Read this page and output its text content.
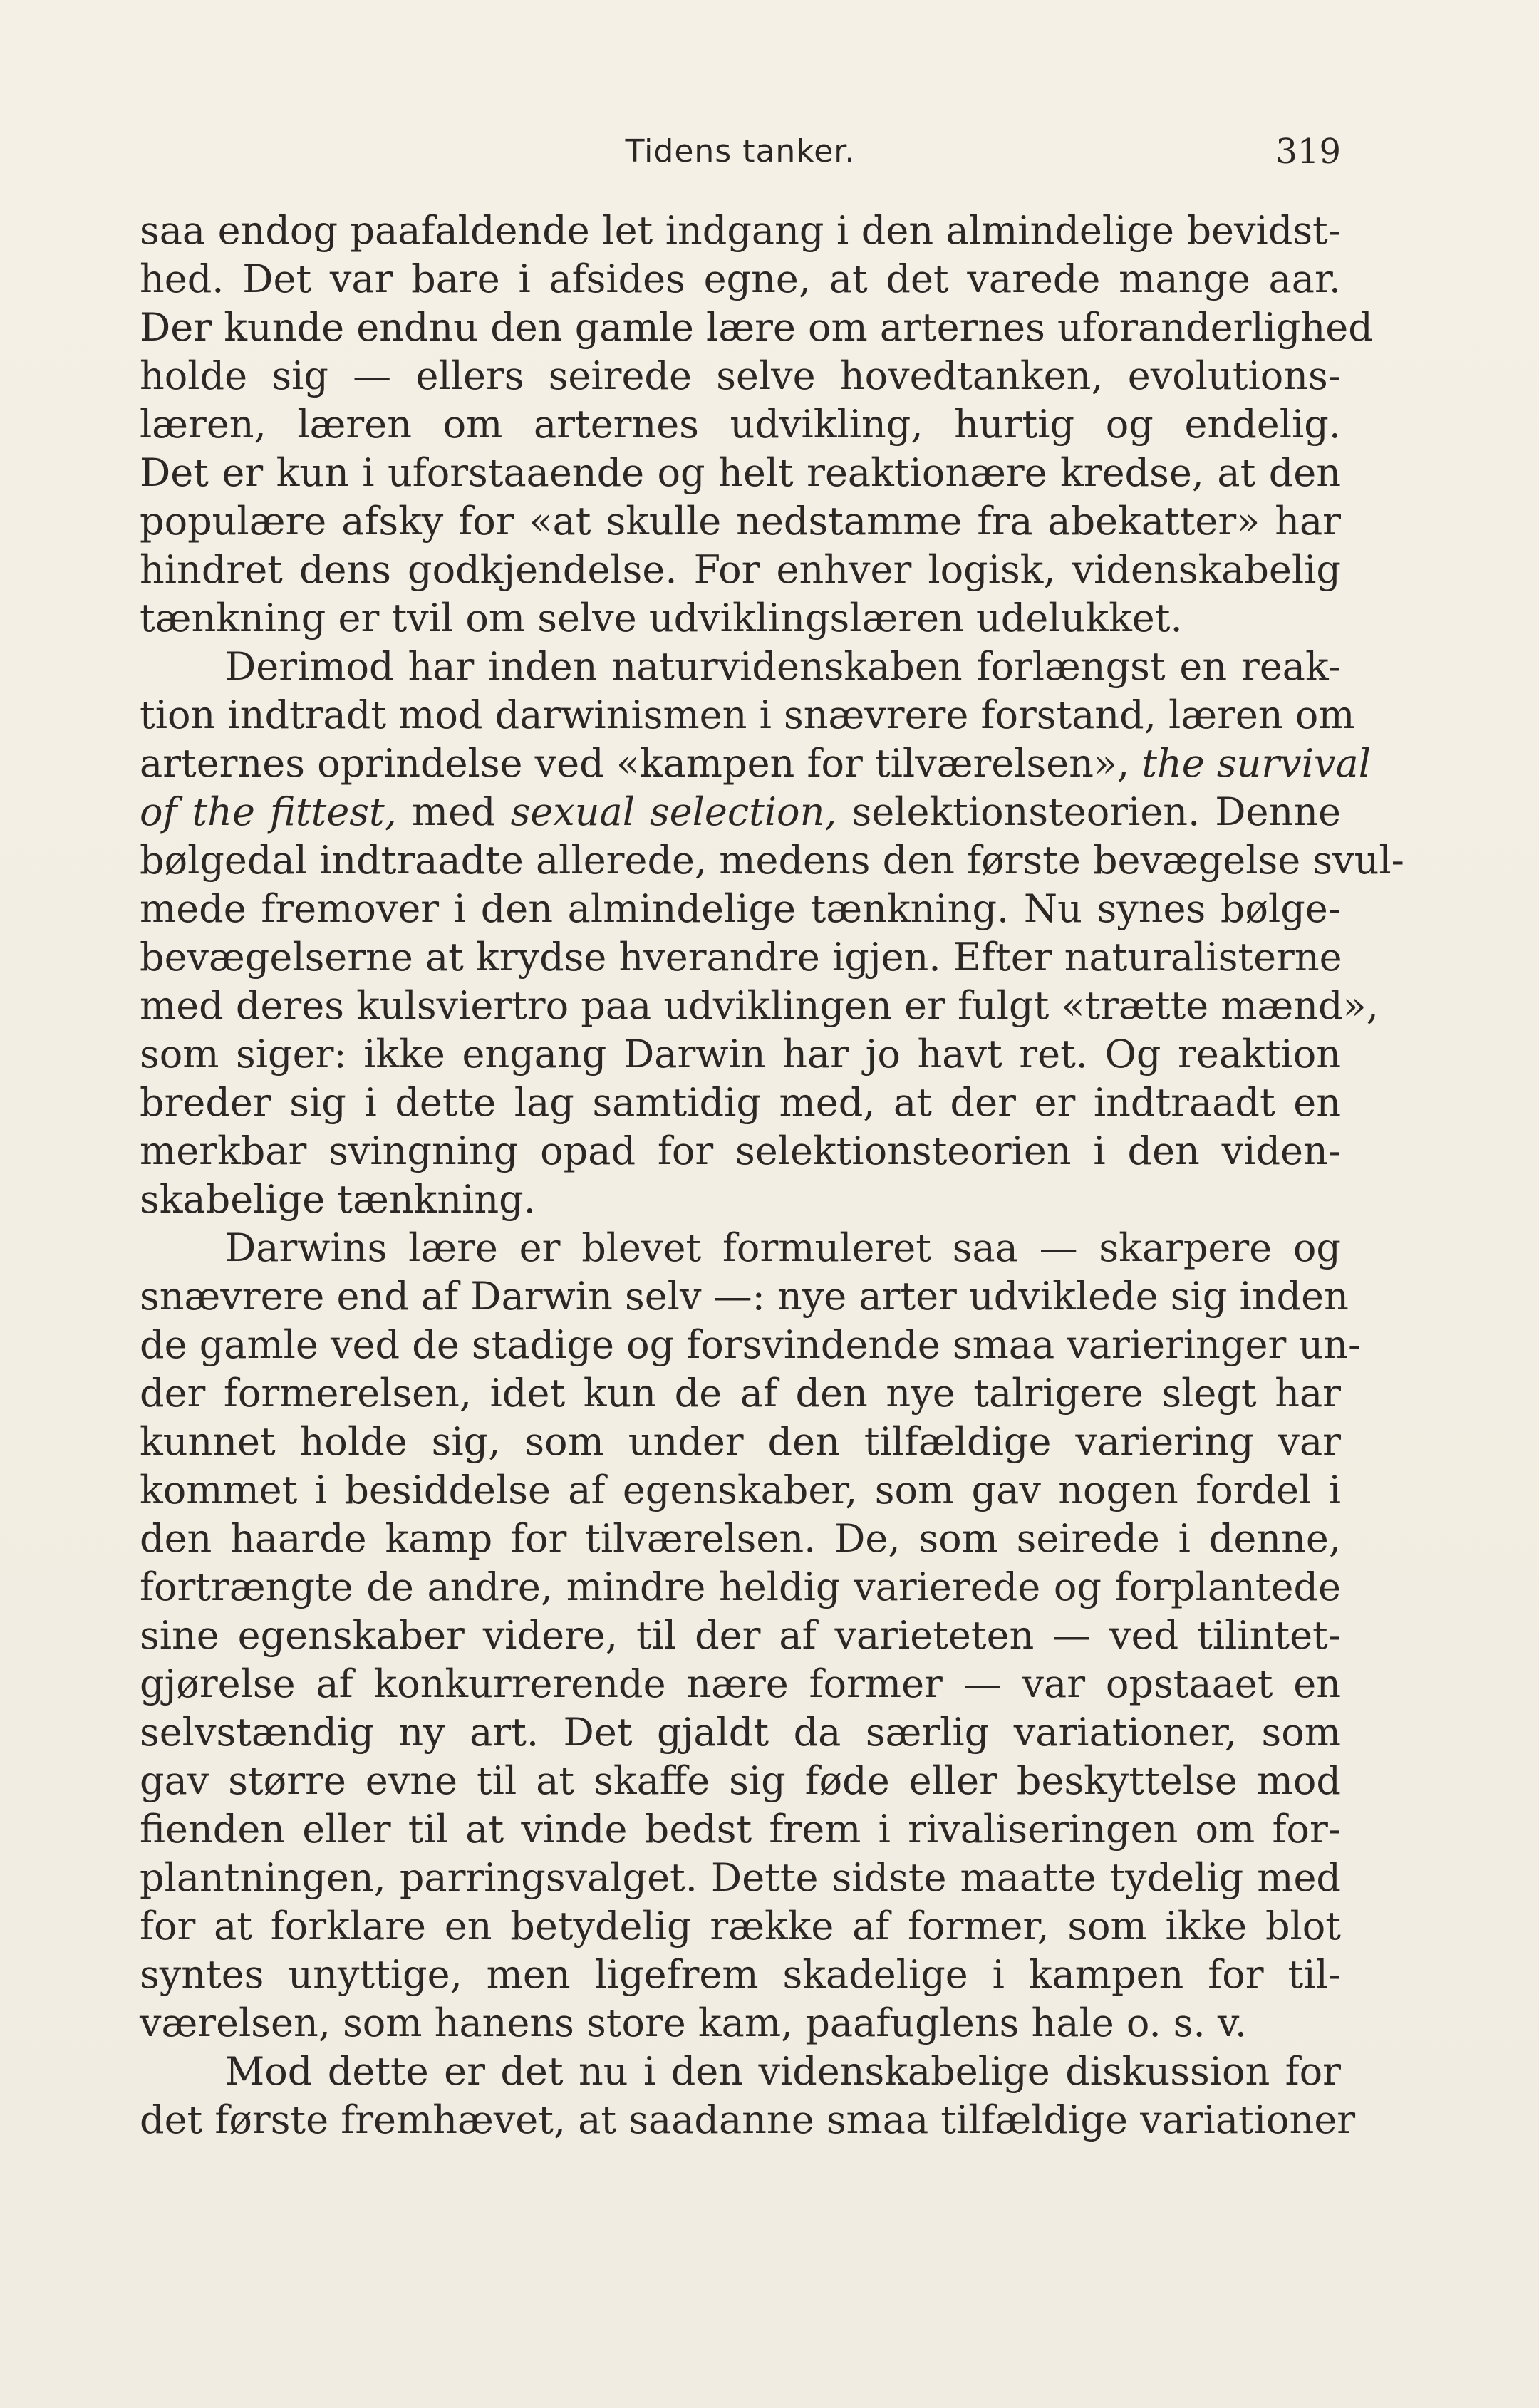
Tidens tanker.	319
saa endog paafaldende let indgang i den almindelige bevidst-
hed. Det var bare i afsides egne, at det varede mange aar.
Der kunde endnu den gamle lære om arternes uforanderlighed
holde sig — ellers seirede selve hovedtanken, evolutions-
læren, læren om arternes udvikling, hurtig og endelig.
Det er kun i uforstaaende og helt reaktionære kredse, at den
populære afsky for «at skulle nedstamme fra abekatter» har
hindret dens godkjendelse. For enhver logisk, videnskabelig
tænkning er tvil om selve udviklingslæren udelukket.
Derimod har inden naturvidenskaben forlængst en reak-
tion indtradt mod darwinismen i snævrere forstand, læren om
arternes oprindelse ved «kampen for tilværelsen», the survival
of the fittest, med sexual selection, selektionsteorien. Denne
bølgedal indtraadte allerede, medens den første bevægelse svul-
mede fremover i den almindelige tænkning. Nu synes bølge-
bevægelserne at krydse hverandre igjen. Efter naturalisterne
med deres kulsviertro paa udviklingen er fulgt «trætte mænd»,
som siger: ikke engang Darwin har jo havt ret. Og reaktion
breder sig i dette lag samtidig med, at der er indtraadt en
merkbar svingning opad for selektionsteorien i den viden-
skabelige tænkning.
Darwins lære er blevet formuleret saa — skarpere og
snævrere end af Darwin selv —: nye arter udviklede sig inden
de gamle ved de stadige og forsvindende smaa varieringer un-
der formerelsen, idet kun de af den nye talrigere slegt har
kunnet holde sig, som under den tilfældige variering var
kommet i besiddelse af egenskaber, som gav nogen fordel i
den haarde kamp for tilværelsen. De, som seirede i denne,
fortrængte de andre, mindre heldig varierede og forplantede
sine egenskaber videre, til der af varieteten — ved tilintet-
gjørelse af konkurrerende nære former — var opstaaet en
selvstændig ny art. Det gjaldt da særlig variationer, som
gav større evne til at skaffe sig føde eller beskyttelse mod
fienden eller til at vinde bedst frem i rivaliseringen om for-
plantningen, parringsvalget. Dette sidste maatte tydelig med
for at forklare en betydelig række af former, som ikke blot
syntes unyttige, men ligefrem skadelige i kampen for til-
værelsen, som hanens store kam, paafuglens hale o. s. v.
Mod dette er det nu i den videnskabelige diskussion for
det første fremhævet, at saadanne smaa tilfældige variationer
